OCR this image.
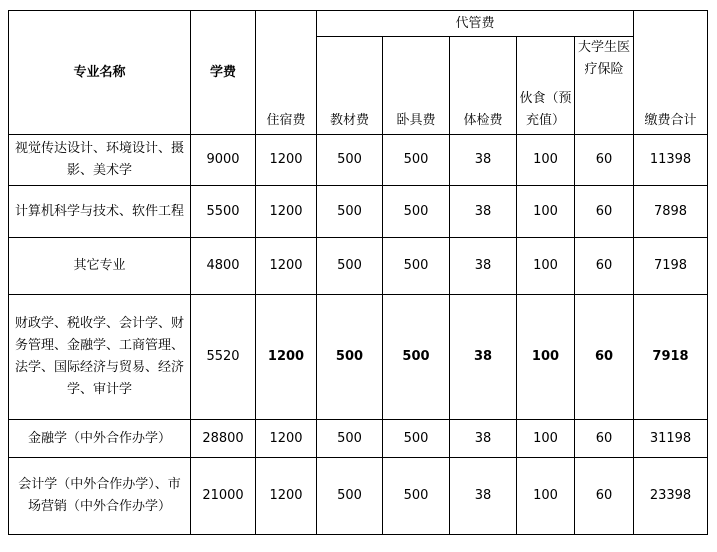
专业名称	学费	住宿费	代管费					缴费合计
			教材费	卧具费	体检费	伙食（预充值）	大学生医疗保险	
视觉传达设计、环境设计、摄影、美术学	9000	1200	500	500	38	100	60	11398
计算机科学与技术、软件工程	5500	1200	500	500	38	100	60	7898
其它专业	4800	1200	500	500	38	100	60	7198
财政学、税收学、会计学、财务管理、金融学、工商管理、法学、国际经济与贸易、经济学、审计学	5520	1200	500	500	38	100	60	7918
金融学（中外合作办学）	28800	1200	500	500	38	100	60	31198
会计学（中外合作办学）、市场营销（中外合作办学）	21000	1200	500	500	38	100	60	23398
